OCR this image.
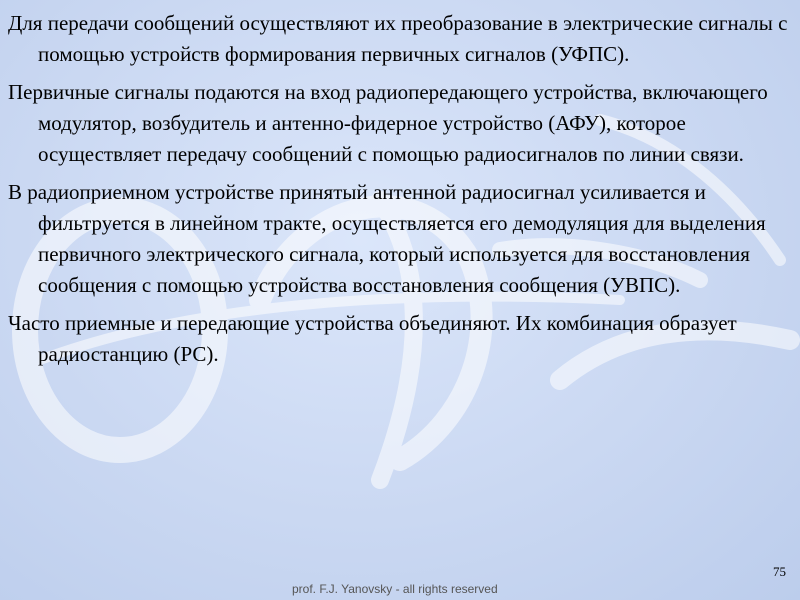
Для передачи сообщений осуществляют их преобразование в электрические сигналы с помощью устройств формирования первичных сигналов (УФПС).

Первичные сигналы подаются на вход радиопередающего устройства, включающего модулятор, возбудитель и антенно-фидерное устройство (АФУ), которое осуществляет передачу сообщений с помощью радиосигналов по линии связи.

В радиоприемном устройстве принятый антенной радиосигнал усиливается и фильтруется в линейном тракте, осуществляется его демодуляция для выделения первичного электрического сигнала, который используется для восстановления сообщения с помощью устройства восстановления сообщения (УВПС).

Часто приемные и передающие устройства объединяют. Их комбинация образует радиостанцию (РС).

75
prof. F.J. Yanovsky - all rights reserved
